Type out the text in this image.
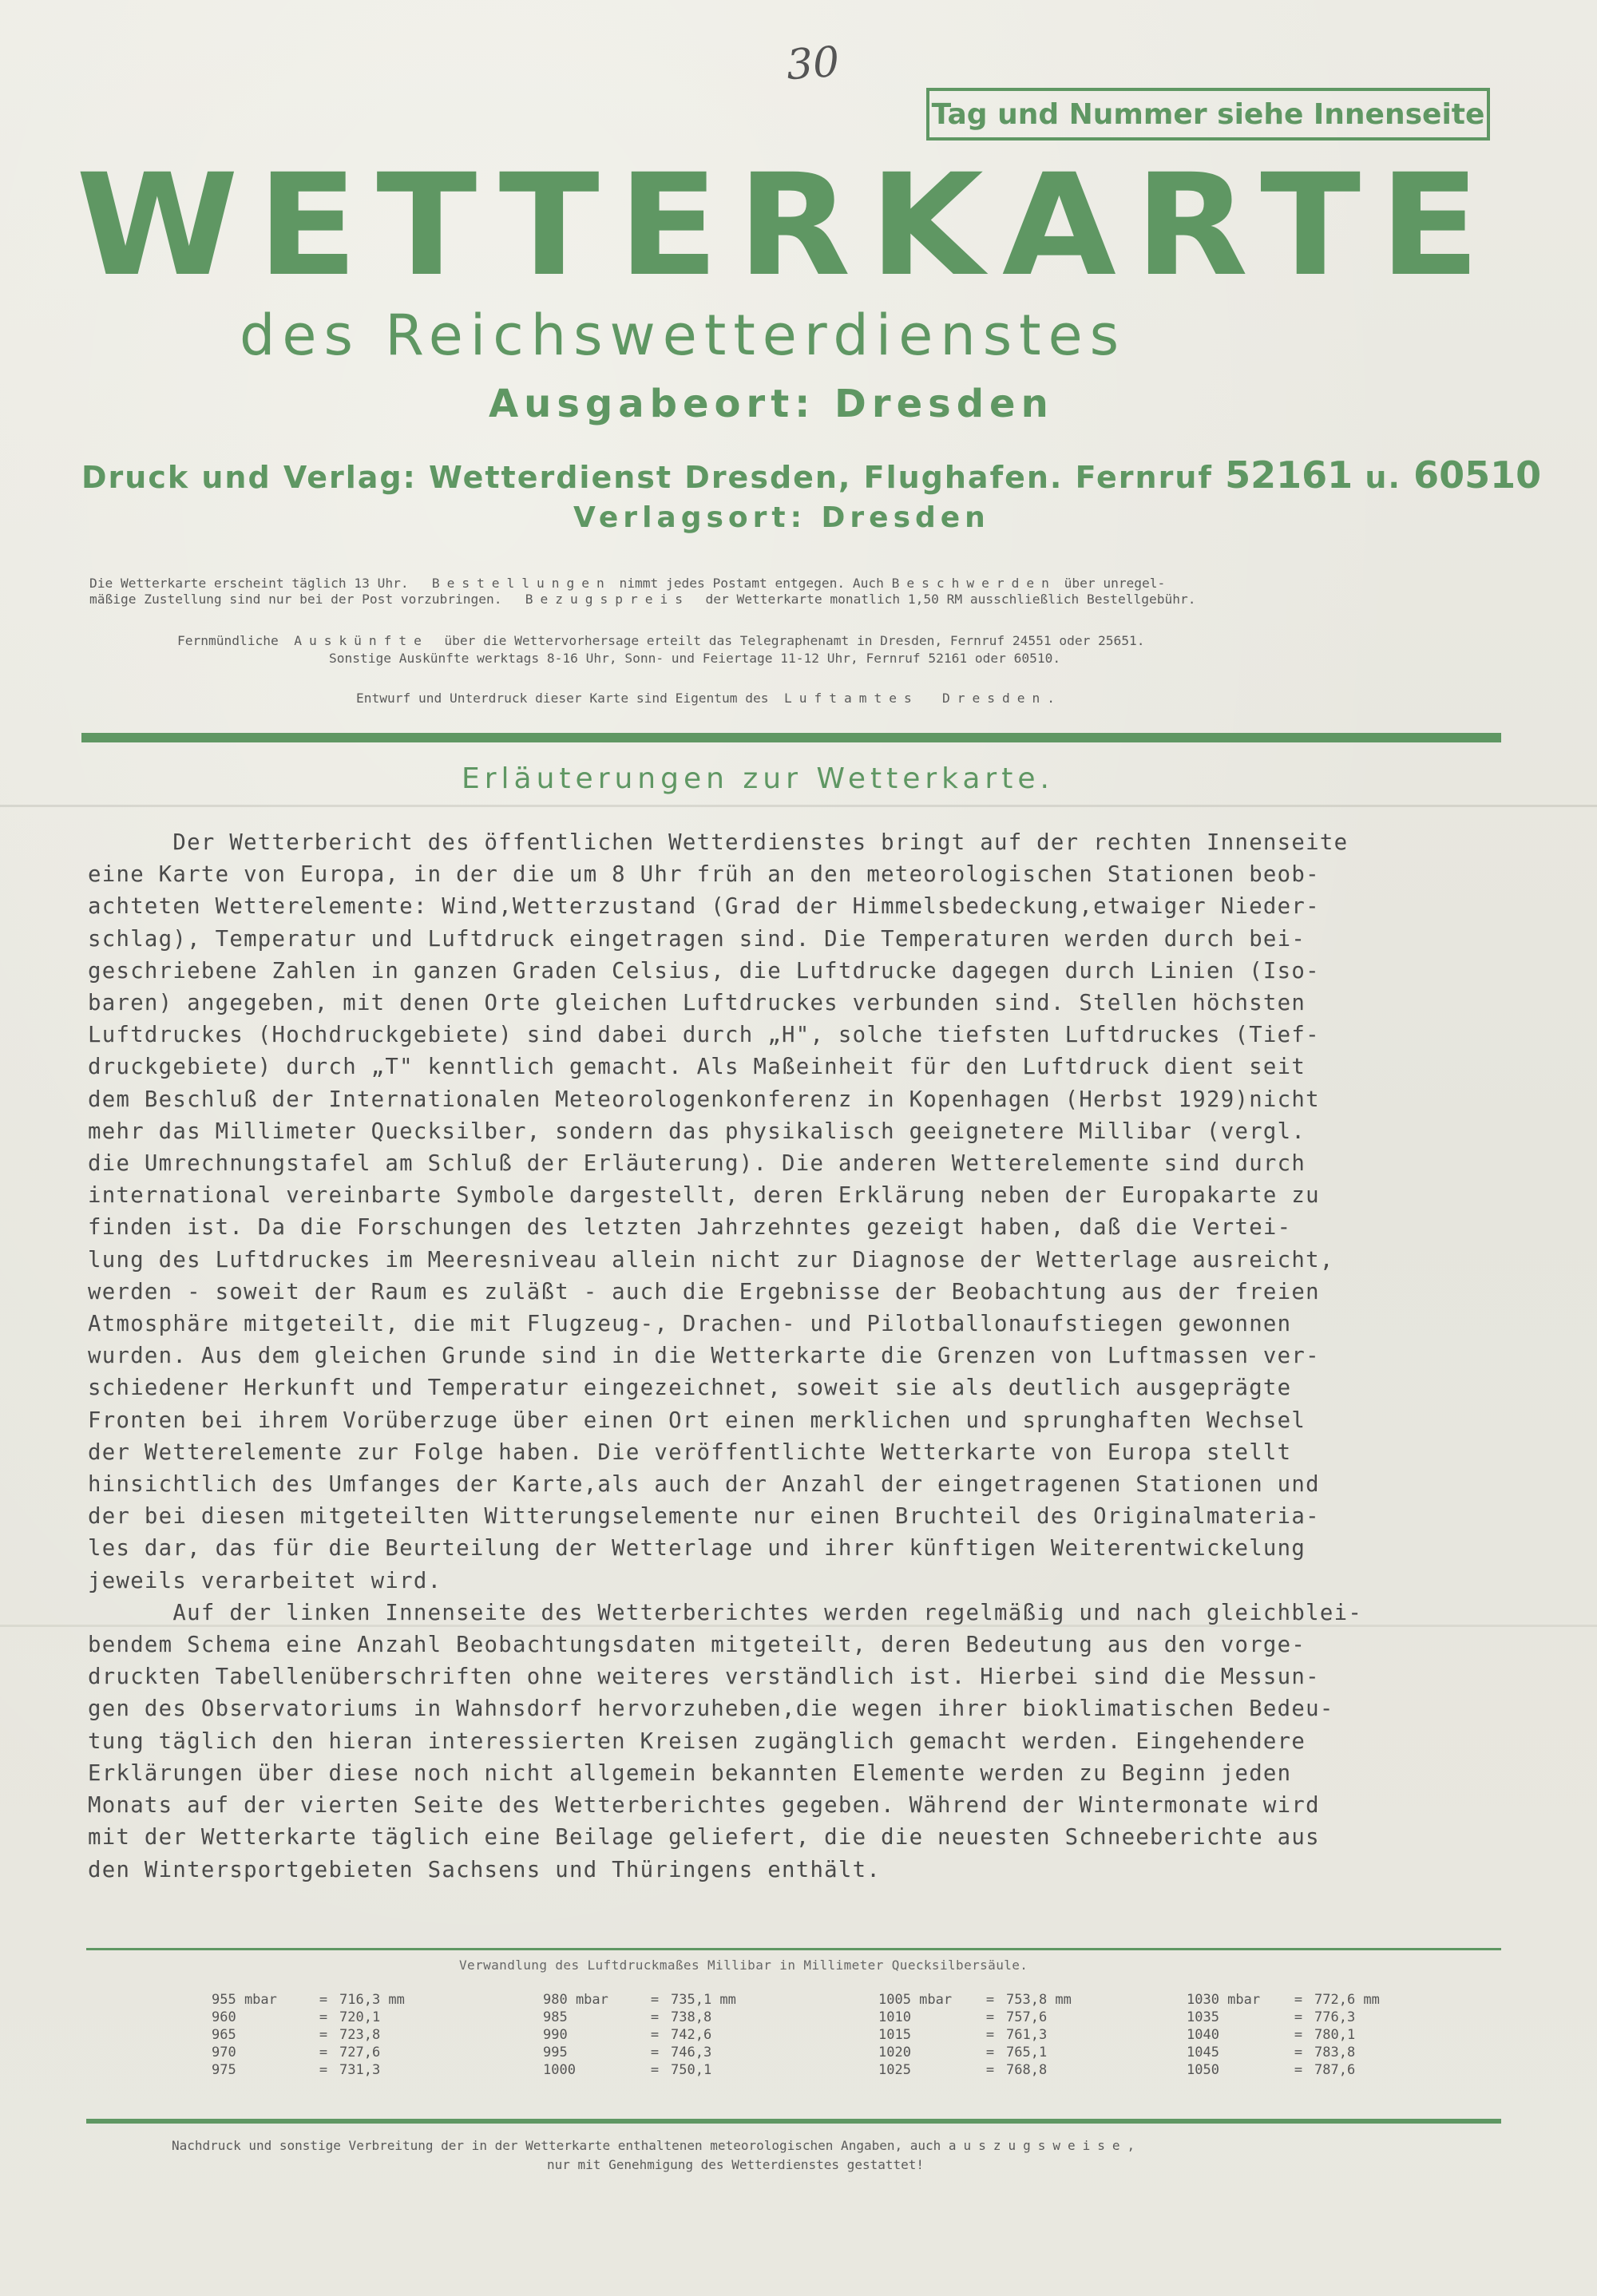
30
Tag und Nummer siehe Innenseite
WETTERKARTE
des Reichswetterdienstes
Ausgabeort: Dresden
Druck und Verlag: Wetterdienst Dresden, Flughafen. Fernruf 52161 u. 60510
Verlagsort: Dresden
Die Wetterkarte erscheint täglich 13 Uhr. Bestellungen nimmt jedes Postamt entgegen. Auch Beschwerden über unregel-
mäßige Zustellung sind nur bei der Post vorzubringen. Bezugspreis der Wetterkarte monatlich 1,50 RM ausschließlich Bestellgebühr.
Fernmündliche Auskünfte über die Wettervorhersage erteilt das Telegraphenamt in Dresden, Fernruf 24551 oder 25651.
Sonstige Auskünfte werktags 8-16 Uhr, Sonn- und Feiertage 11-12 Uhr, Fernruf 52161 oder 60510.
Entwurf und Unterdruck dieser Karte sind Eigentum des Luftamtes Dresden.
Erläuterungen zur Wetterkarte.
Der Wetterbericht des öffentlichen Wetterdienstes bringt auf der rechten Innenseite
eine Karte von Europa, in der die um 8 Uhr früh an den meteorologischen Stationen beob-
achteten Wetterelemente: Wind,Wetterzustand (Grad der Himmelsbedeckung,etwaiger Nieder-
schlag), Temperatur und Luftdruck eingetragen sind. Die Temperaturen werden durch bei-
geschriebene Zahlen in ganzen Graden Celsius, die Luftdrucke dagegen durch Linien (Iso-
baren) angegeben, mit denen Orte gleichen Luftdruckes verbunden sind. Stellen höchsten
Luftdruckes (Hochdruckgebiete) sind dabei durch „H", solche tiefsten Luftdruckes (Tief-
druckgebiete) durch „T" kenntlich gemacht. Als Maßeinheit für den Luftdruck dient seit
dem Beschluß der Internationalen Meteorologenkonferenz in Kopenhagen (Herbst 1929)nicht
mehr das Millimeter Quecksilber, sondern das physikalisch geeignetere Millibar (vergl.
die Umrechnungstafel am Schluß der Erläuterung). Die anderen Wetterelemente sind durch
international vereinbarte Symbole dargestellt, deren Erklärung neben der Europakarte zu
finden ist. Da die Forschungen des letzten Jahrzehntes gezeigt haben, daß die Vertei-
lung des Luftdruckes im Meeresniveau allein nicht zur Diagnose der Wetterlage ausreicht,
werden - soweit der Raum es zuläßt - auch die Ergebnisse der Beobachtung aus der freien
Atmosphäre mitgeteilt, die mit Flugzeug-, Drachen- und Pilotballonaufstiegen gewonnen
wurden. Aus dem gleichen Grunde sind in die Wetterkarte die Grenzen von Luftmassen ver-
schiedener Herkunft und Temperatur eingezeichnet, soweit sie als deutlich ausgeprägte
Fronten bei ihrem Vorüberzuge über einen Ort einen merklichen und sprunghaften Wechsel
der Wetterelemente zur Folge haben. Die veröffentlichte Wetterkarte von Europa stellt
hinsichtlich des Umfanges der Karte,als auch der Anzahl der eingetragenen Stationen und
der bei diesen mitgeteilten Witterungselemente nur einen Bruchteil des Originalmateria-
les dar, das für die Beurteilung der Wetterlage und ihrer künftigen Weiterentwickelung
jeweils verarbeitet wird.
Auf der linken Innenseite des Wetterberichtes werden regelmäßig und nach gleichblei-
bendem Schema eine Anzahl Beobachtungsdaten mitgeteilt, deren Bedeutung aus den vorge-
druckten Tabellenüberschriften ohne weiteres verständlich ist. Hierbei sind die Messun-
gen des Observatoriums in Wahnsdorf hervorzuheben,die wegen ihrer bioklimatischen Bedeu-
tung täglich den hieran interessierten Kreisen zugänglich gemacht werden. Eingehendere
Erklärungen über diese noch nicht allgemein bekannten Elemente werden zu Beginn jeden
Monats auf der vierten Seite des Wetterberichtes gegeben. Während der Wintermonate wird
mit der Wetterkarte täglich eine Beilage geliefert, die die neuesten Schneeberichte aus
den Wintersportgebieten Sachsens und Thüringens enthält.
Verwandlung des Luftdruckmaßes Millibar in Millimeter Quecksilbersäule.
955 mbar	= 716,3 mm
960	= 720,1
965	= 723,8
970	= 727,6
975	= 731,3
980 mbar	= 735,1 mm
985	= 738,8
990	= 742,6
995	= 746,3
1000	= 750,1
1005 mbar	= 753,8 mm
1010	= 757,6
1015	= 761,3
1020	= 765,1
1025	= 768,8
1030 mbar	= 772,6 mm
1035	= 776,3
1040	= 780,1
1045	= 783,8
1050	= 787,6
Nachdruck und sonstige Verbreitung der in der Wetterkarte enthaltenen meteorologischen Angaben, auch auszugsweise,
nur mit Genehmigung des Wetterdienstes gestattet!
